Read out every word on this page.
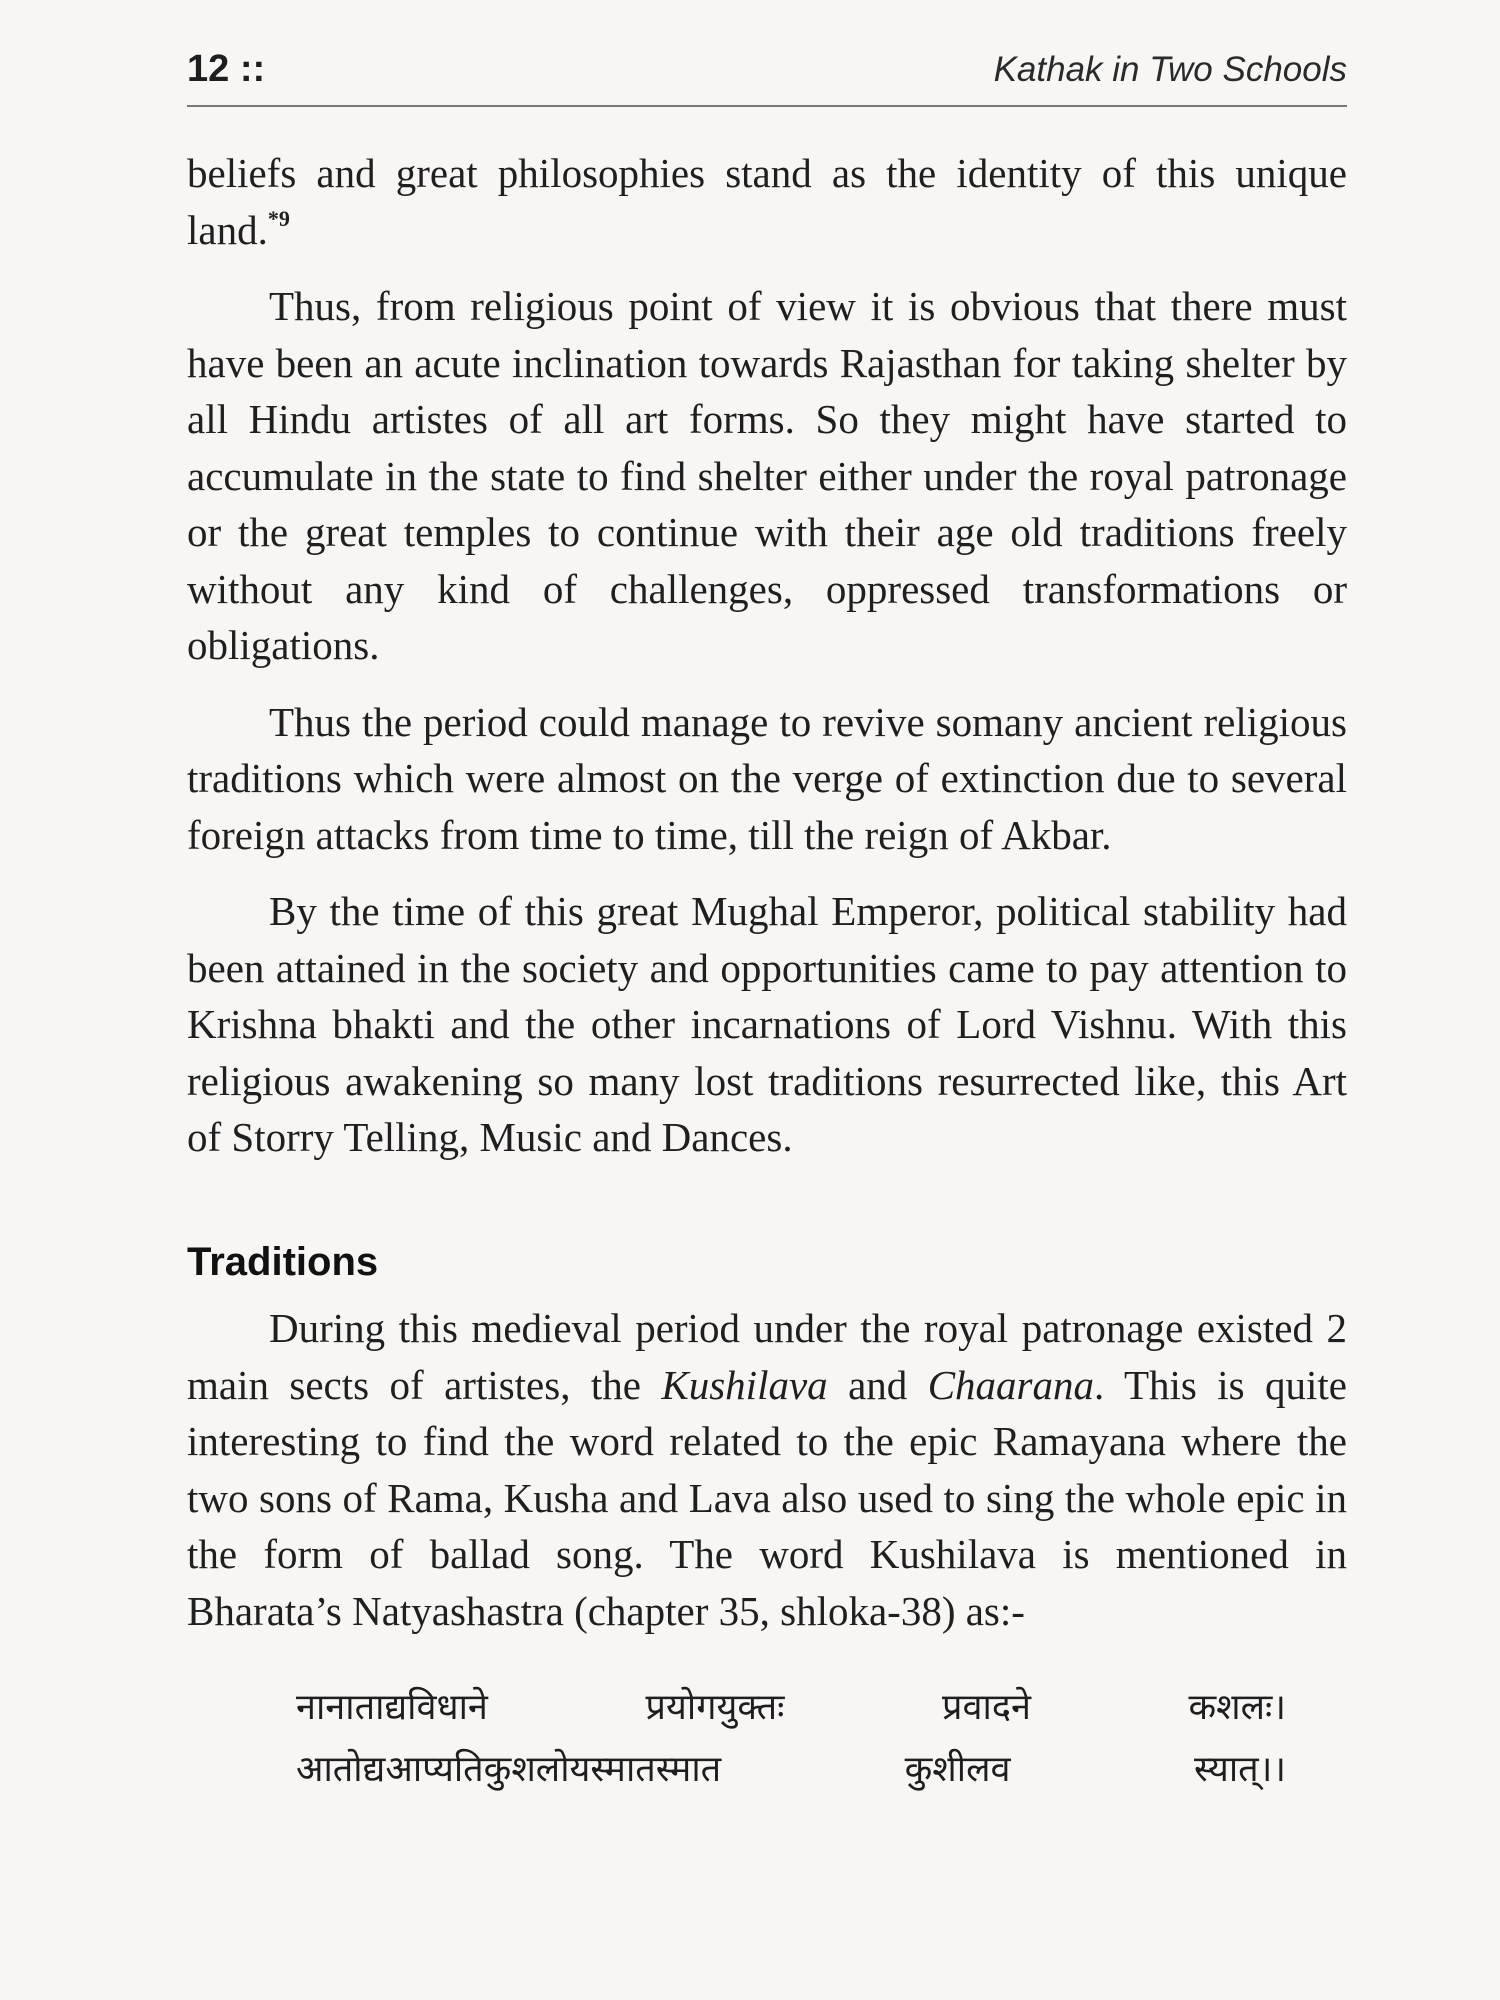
12 ::	Kathak in Two Schools

beliefs and great philosophies stand as the identity of this unique land.$^{*9}$

Thus, from religious point of view it is obvious that there must have been an acute inclination towards Rajasthan for taking shelter by all Hindu artistes of all art forms. So they might have started to accumulate in the state to find shelter either under the royal patronage or the great temples to continue with their age old traditions freely without any kind of challenges, oppressed transformations or obligations.

Thus the period could manage to revive somany ancient religious traditions which were almost on the verge of extinction due to several foreign attacks from time to time, till the reign of Akbar.

By the time of this great Mughal Emperor, political stability had been attained in the society and opportunities came to pay attention to Krishna bhakti and the other incarnations of Lord Vishnu. With this religious awakening so many lost traditions resurrected like, this Art of Storry Telling, Music and Dances.

Traditions

During this medieval period under the royal patronage existed 2 main sects of artistes, the Kushilava and Chaarana. This is quite interesting to find the word related to the epic Ramayana where the two sons of Rama, Kusha and Lava also used to sing the whole epic in the form of ballad song. The word Kushilava is mentioned in Bharata’s Natyashastra (chapter 35, shloka-38) as:-

नानाताद्यविधाने	प्रयोगयुक्तः	प्रवादने	कशलः।
आतोद्यआप्यतिकुशलोयस्मातस्मात	कुशीलव	स्यात्।।
